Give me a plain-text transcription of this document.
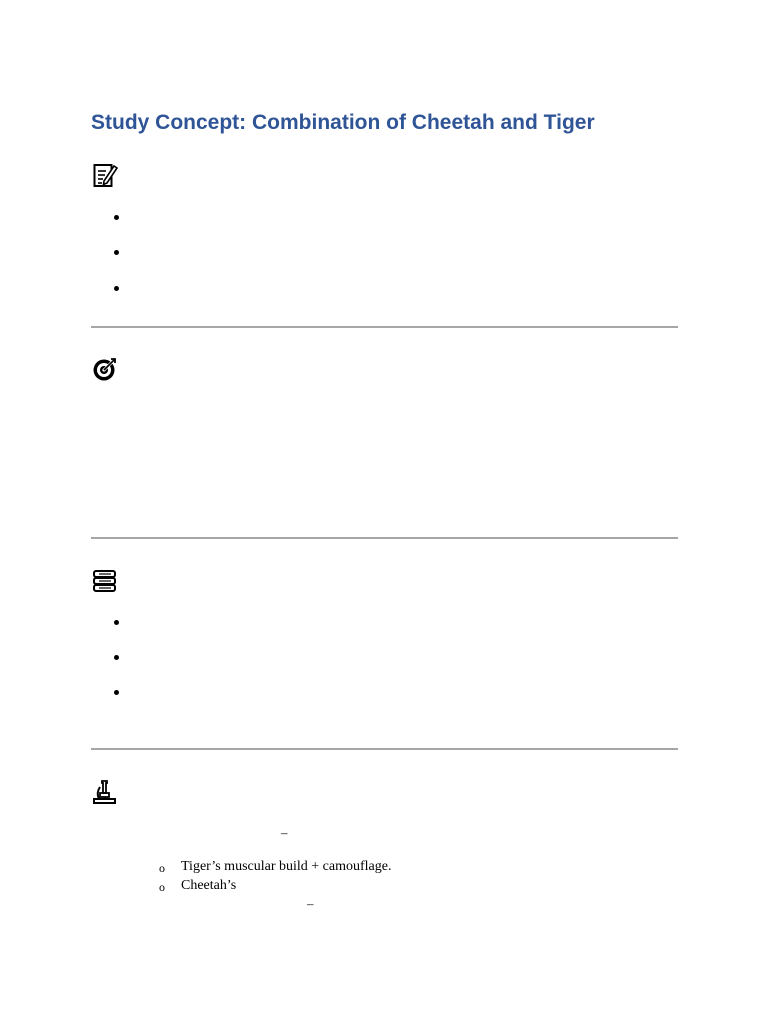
Study Concept: Combination of Cheetah and Tiger
–
o Tiger’s muscular build + camouflage.
o Cheetah’s
–
